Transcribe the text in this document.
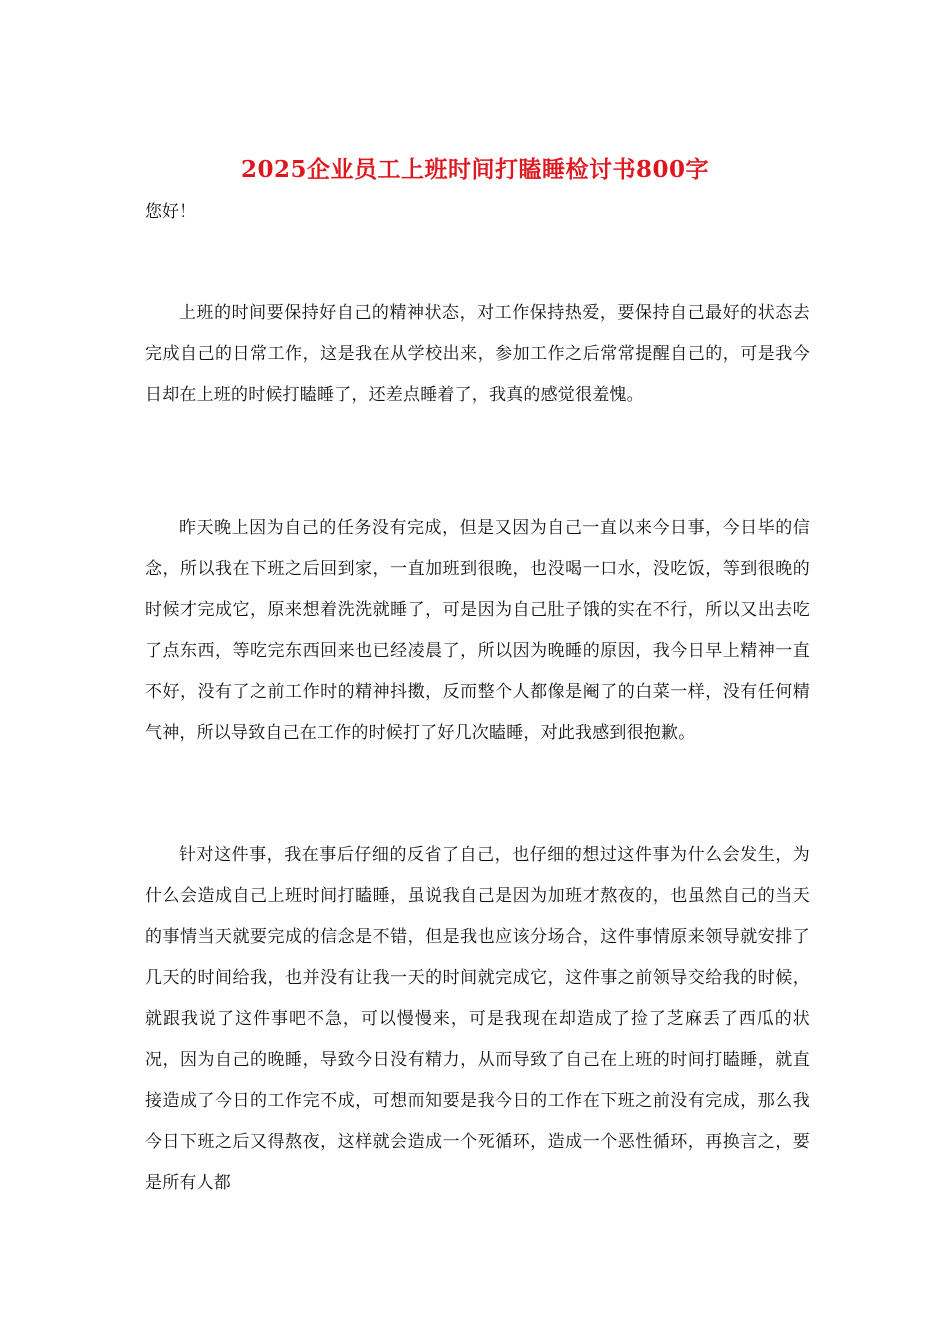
2025企业员工上班时间打瞌睡检讨书800字
您好！

上班的时间要保持好自己的精神状态，对工作保持热爱，要保持自己最好的状态去完成自己的日常工作，这是我在从学校出来，参加工作之后常常提醒自己的，可是我今日却在上班的时候打瞌睡了，还差点睡着了，我真的感觉很羞愧。

昨天晚上因为自己的任务没有完成，但是又因为自己一直以来今日事，今日毕的信念，所以我在下班之后回到家，一直加班到很晚，也没喝一口水，没吃饭，等到很晚的时候才完成它，原来想着洗洗就睡了，可是因为自己肚子饿的实在不行，所以又出去吃了点东西，等吃完东西回来也已经凌晨了，所以因为晚睡的原因，我今日早上精神一直不好，没有了之前工作时的精神抖擞，反而整个人都像是阉了的白菜一样，没有任何精气神，所以导致自己在工作的时候打了好几次瞌睡，对此我感到很抱歉。

针对这件事，我在事后仔细的反省了自己，也仔细的想过这件事为什么会发生，为什么会造成自己上班时间打瞌睡，虽说我自己是因为加班才熬夜的，也虽然自己的当天的事情当天就要完成的信念是不错，但是我也应该分场合，这件事情原来领导就安排了几天的时间给我，也并没有让我一天的时间就完成它，这件事之前领导交给我的时候，就跟我说了这件事吧不急，可以慢慢来，可是我现在却造成了捡了芝麻丢了西瓜的状况，因为自己的晚睡，导致今日没有精力，从而导致了自己在上班的时间打瞌睡，就直接造成了今日的工作完不成，可想而知要是我今日的工作在下班之前没有完成，那么我今日下班之后又得熬夜，这样就会造成一个死循环，造成一个恶性循环，再换言之，要是所有人都
